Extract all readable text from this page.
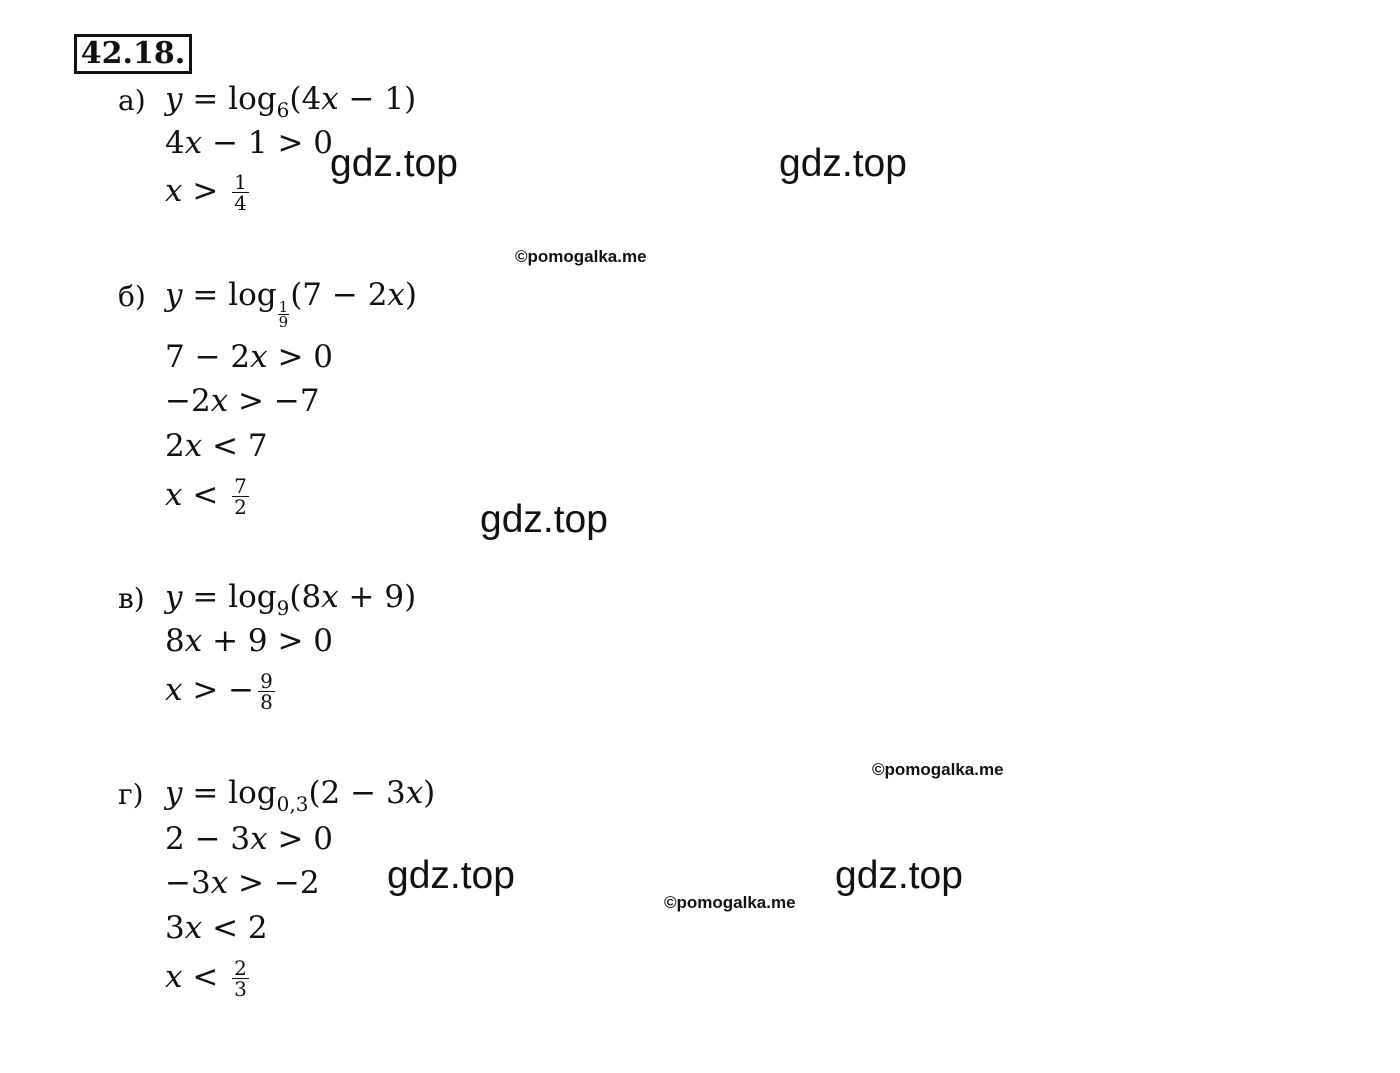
42.18.
а) $y = \log_6(4x - 1)$
4x − 1 > 0
$x > \frac{1}{4}$
б) y = log
$\frac{1}{9}$
(7 − 2x)
7 − 2x > 0
−2x > −7
2x < 7
$x < \frac{7}{2}$
в) $y = \log_9(8x + 9)$
8x + 9 > 0
x > − $\frac{9}{8}$
г) $y = \log_{0,3}(2 - 3x)$
2 − 3x > 0
−3x > −2
3x < 2
$x < \frac{2}{3}$
gdz.top	gdz.top
gdz.top
gdz.top	gdz.top
©pomogalka.me
©pomogalka.me
©pomogalka.me
